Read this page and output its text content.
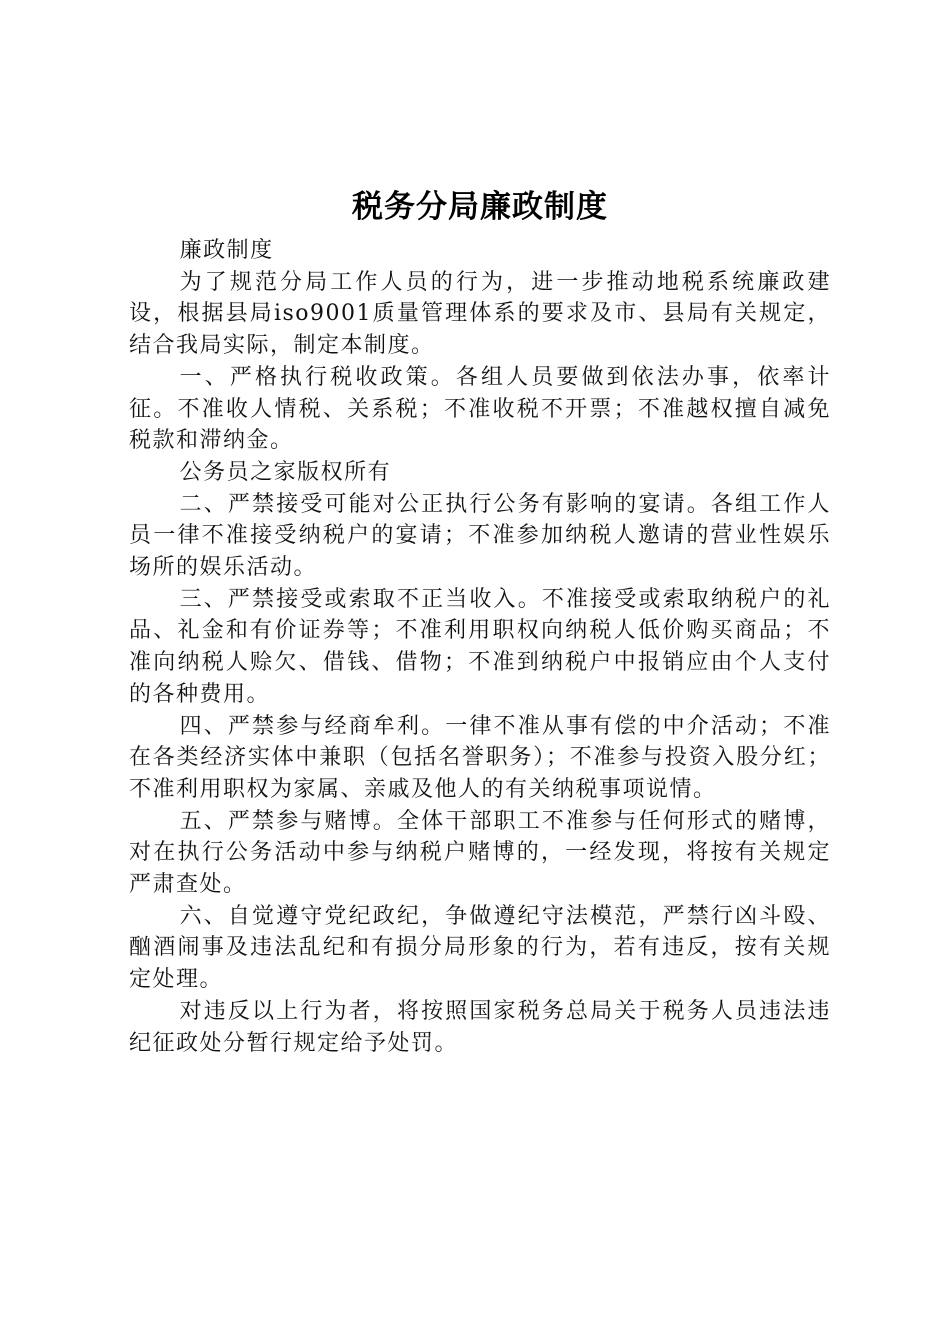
税务分局廉政制度

廉政制度

为了规范分局工作人员的行为，进一步推动地税系统廉政建设，根据县局iso9001质量管理体系的要求及市、县局有关规定，结合我局实际，制定本制度。

一、严格执行税收政策。各组人员要做到依法办事，依率计征。不准收人情税、关系税；不准收税不开票；不准越权擅自减免税款和滞纳金。

公务员之家版权所有

二、严禁接受可能对公正执行公务有影响的宴请。各组工作人员一律不准接受纳税户的宴请；不准参加纳税人邀请的营业性娱乐场所的娱乐活动。

三、严禁接受或索取不正当收入。不准接受或索取纳税户的礼品、礼金和有价证券等；不准利用职权向纳税人低价购买商品；不准向纳税人赊欠、借钱、借物；不准到纳税户中报销应由个人支付的各种费用。

四、严禁参与经商牟利。一律不准从事有偿的中介活动；不准在各类经济实体中兼职（包括名誉职务）；不准参与投资入股分红；不准利用职权为家属、亲戚及他人的有关纳税事项说情。

五、严禁参与赌博。全体干部职工不准参与任何形式的赌博，对在执行公务活动中参与纳税户赌博的，一经发现，将按有关规定严肃查处。

六、自觉遵守党纪政纪，争做遵纪守法模范，严禁行凶斗殴、酗酒闹事及违法乱纪和有损分局形象的行为，若有违反，按有关规定处理。

对违反以上行为者，将按照国家税务总局关于税务人员违法违纪征政处分暂行规定给予处罚。
